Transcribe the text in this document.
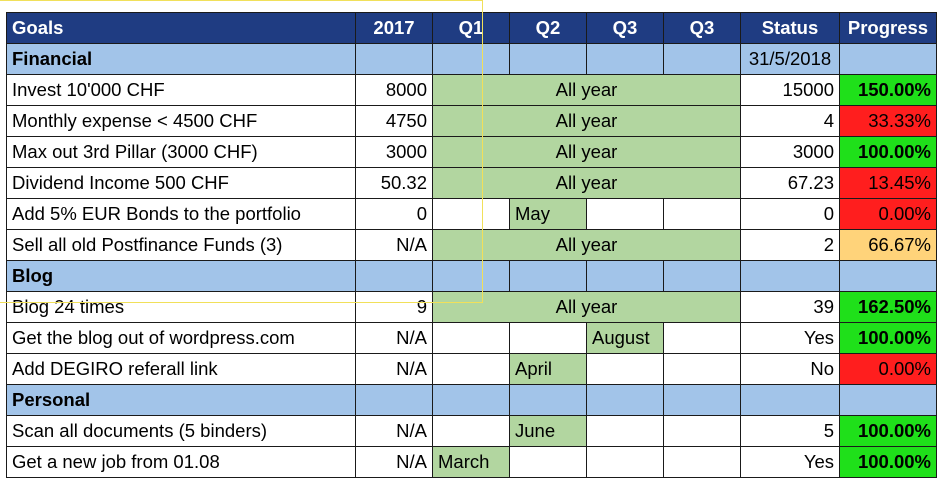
Goals	2017	Q1	Q2	Q3	Q3	Status	Progress
Financial						31/5/2018	
Invest 10'000 CHF	8000	All year				15000	150.00%
Monthly expense < 4500 CHF	4750	All year				4	33.33%
Max out 3rd Pillar (3000 CHF)	3000	All year				3000	100.00%
Dividend Income 500 CHF	50.32	All year				67.23	13.45%
Add 5% EUR Bonds to the portfolio	0		May			0	0.00%
Sell all old Postfinance Funds (3)	N/A	All year				2	66.67%
Blog							
Blog 24 times	9	All year				39	162.50%
Get the blog out of wordpress.com	N/A			August		Yes	100.00%
Add DEGIRO referall link	N/A		April			No	0.00%
Personal							
Scan all documents (5 binders)	N/A		June			5	100.00%
Get a new job from 01.08	N/A	March				Yes	100.00%
